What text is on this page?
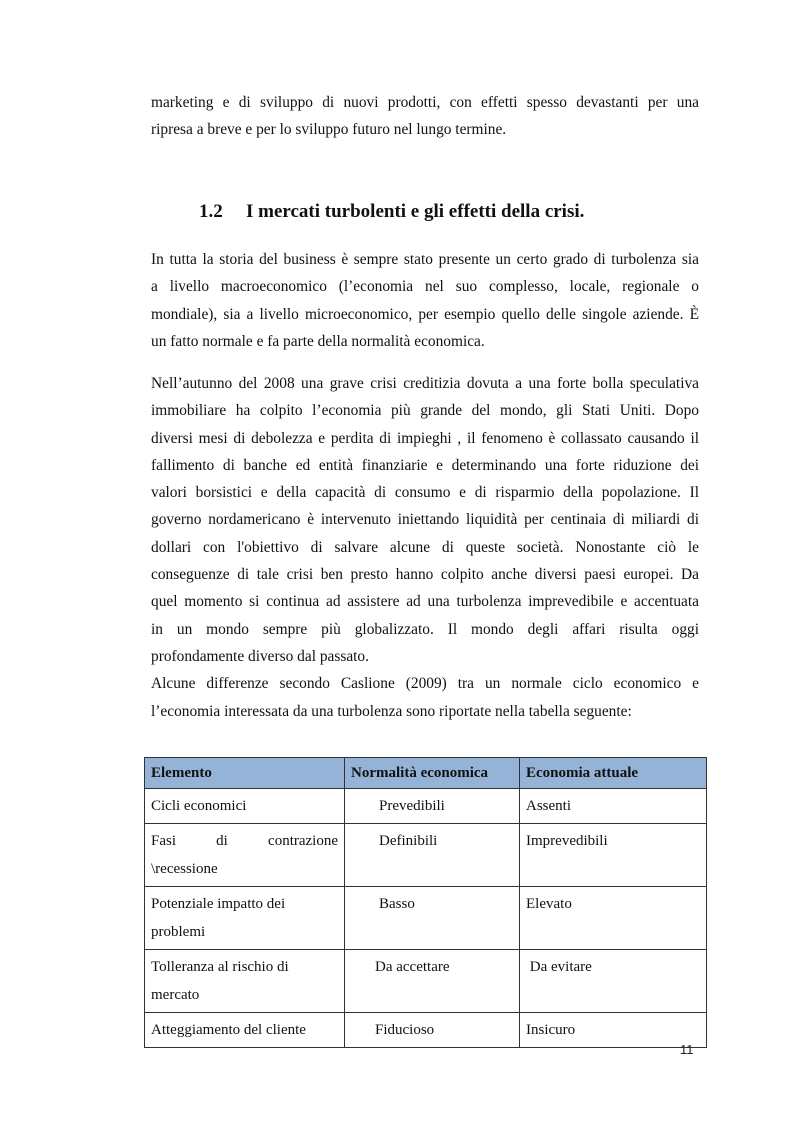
marketing e di sviluppo di nuovi prodotti, con effetti spesso devastanti per una
ripresa a breve e per lo sviluppo futuro nel lungo termine.

1.2 I mercati turbolenti e gli effetti della crisi.

In tutta la storia del business è sempre stato presente un certo grado di turbolenza sia
a livello macroeconomico (l’economia nel suo complesso, locale, regionale o
mondiale), sia a livello microeconomico, per esempio quello delle singole aziende. È
un fatto normale e fa parte della normalità economica.

Nell’autunno del 2008 una grave crisi creditizia dovuta a una forte bolla speculativa
immobiliare ha colpito l’economia più grande del mondo, gli Stati Uniti. Dopo
diversi mesi di debolezza e perdita di impieghi , il fenomeno è collassato causando il
fallimento di banche ed entità finanziarie e determinando una forte riduzione dei
valori borsistici e della capacità di consumo e di risparmio della popolazione. Il
governo nordamericano è intervenuto iniettando liquidità per centinaia di miliardi di
dollari con l'obiettivo di salvare alcune di queste società. Nonostante ciò le
conseguenze di tale crisi ben presto hanno colpito anche diversi paesi europei. Da
quel momento si continua ad assistere ad una turbolenza imprevedibile e accentuata
in un mondo sempre più globalizzato. Il mondo degli affari risulta oggi
profondamente diverso dal passato.
Alcune differenze secondo Caslione (2009) tra un normale ciclo economico e
l’economia interessata da una turbolenza sono riportate nella tabella seguente:

Elemento	Normalità economica	Economia attuale
Cicli economici	Prevedibili	Assenti

Fasi di contrazione
\recessione	Definibili	Imprevedibili

Potenziale impatto dei
problemi	Basso	Elevato

Tolleranza al rischio di
mercato	Da accettare	Da evitare
Atteggiamento del cliente	Fiducioso	Insicuro
11
